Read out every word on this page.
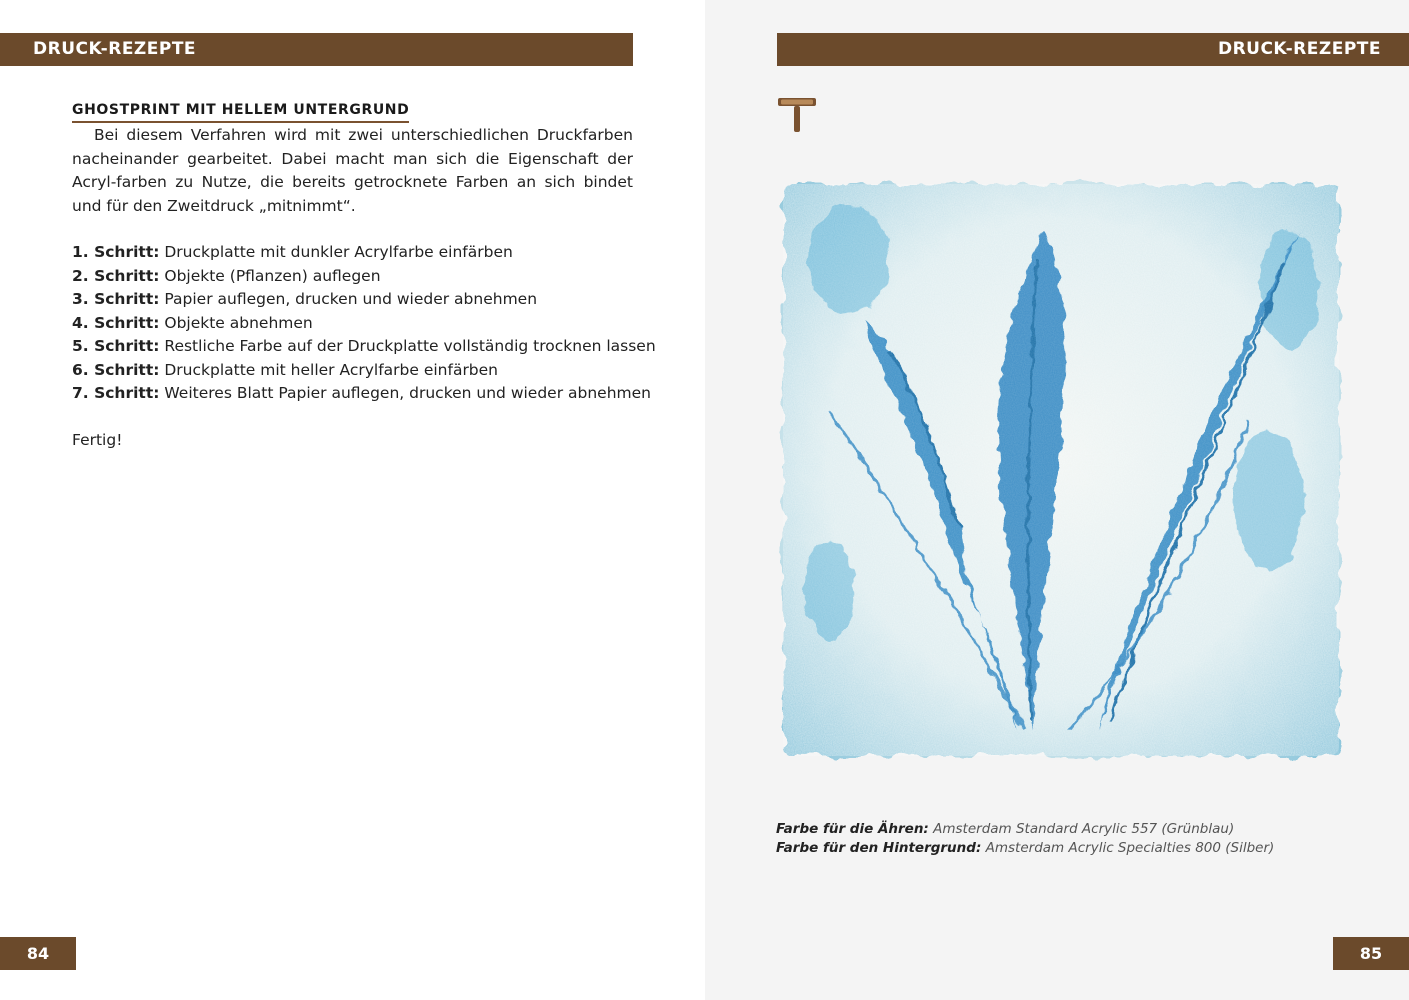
DRUCK-REZEPTE
GHOSTPRINT MIT HELLEM UNTERGRUND

Bei diesem Verfahren wird mit zwei unterschiedlichen Druckfarben nacheinander gearbeitet. Dabei macht man sich die Eigenschaft der Acryl-farben zu Nutze, die bereits getrocknete Farben an sich bindet und für den Zweitdruck „mitnimmt“.

1. Schritt: Druckplatte mit dunkler Acrylfarbe einfärben
2. Schritt: Objekte (Pflanzen) auflegen
3. Schritt: Papier auflegen, drucken und wieder abnehmen
4. Schritt: Objekte abnehmen
5. Schritt: Restliche Farbe auf der Druckplatte vollständig trocknen lassen
6. Schritt: Druckplatte mit heller Acrylfarbe einfärben
7. Schritt: Weiteres Blatt Papier auflegen, drucken und wieder abnehmen
Fertig!
84
DRUCK-REZEPTE
Farbe für die Ähren: Amsterdam Standard Acrylic 557 (Grünblau)
Farbe für den Hintergrund: Amsterdam Acrylic Specialties 800 (Silber)
85
